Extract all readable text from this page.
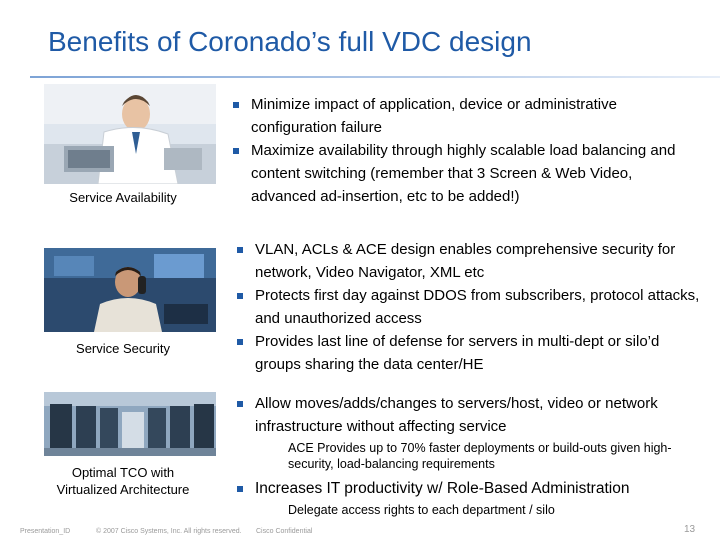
Benefits of Coronado’s full VDC design
Service Availability
Service Security
Optimal TCO with
Virtualized Architecture
Minimize impact of application, device or administrative configuration failure
Maximize availability through highly scalable load balancing and content switching (remember that 3 Screen & Web Video, advanced ad-insertion, etc to be added!)
VLAN, ACLs & ACE design enables comprehensive security for network, Video Navigator, XML etc
Protects first day against DDOS from subscribers, protocol attacks, and unauthorized access
Provides last line of defense for servers in multi-dept or silo’d groups sharing the data center/HE
Allow moves/adds/changes to servers/host, video or network infrastructure without affecting service
ACE Provides up to 70% faster deployments or build-outs given high-security, load-balancing requirements
Increases IT productivity w/ Role-Based Administration
Delegate access rights to each department / silo
Presentation_ID	© 2007 Cisco Systems, Inc. All rights reserved. Cisco Confidential	13
